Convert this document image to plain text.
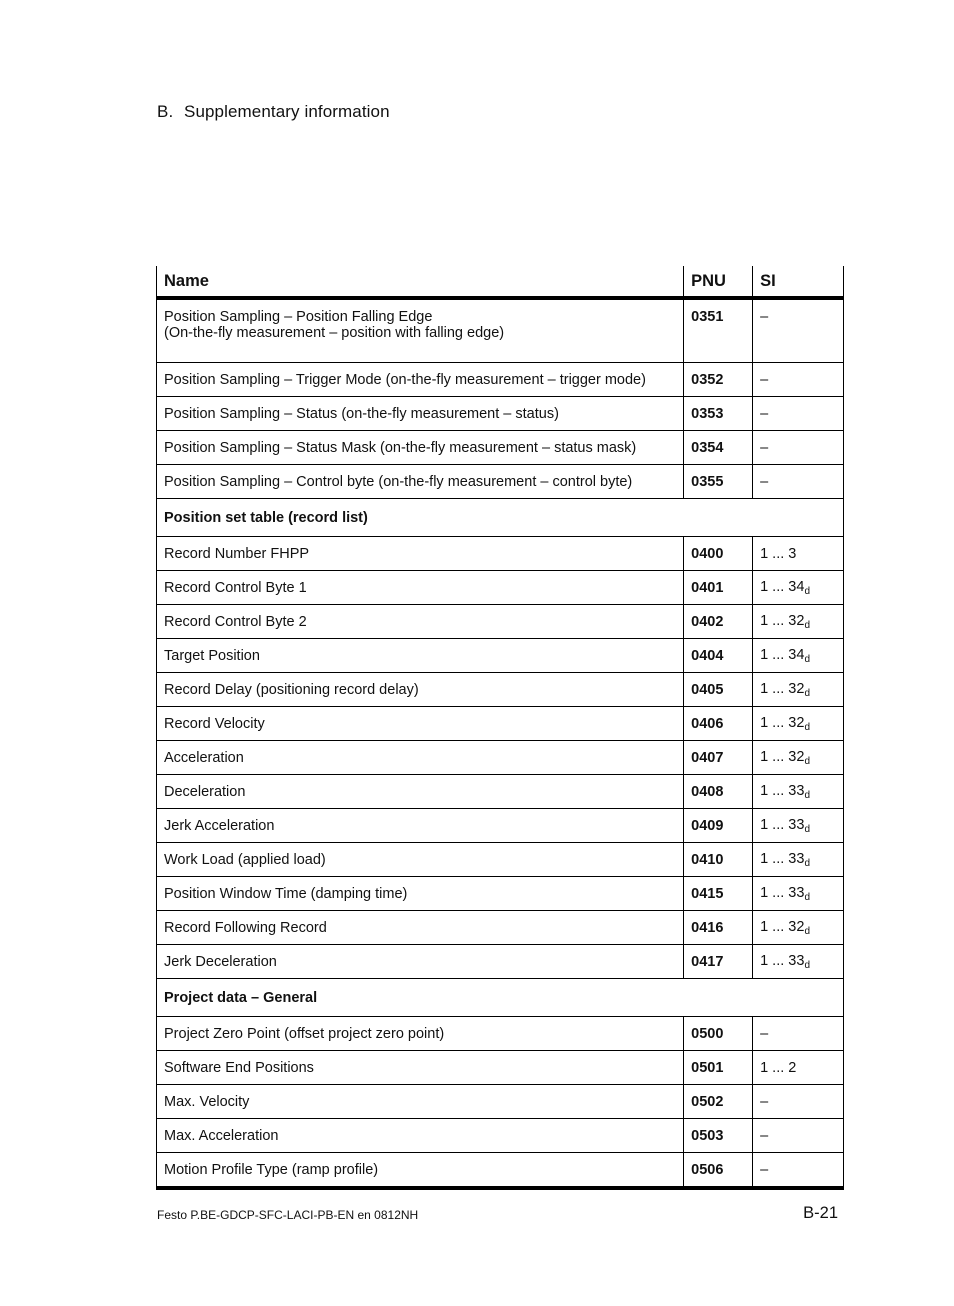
B. Supplementary information
Name	PNU	SI
Position Sampling – Position Falling Edge
(On-the-fly measurement – position with falling edge)	0351	–
Position Sampling – Trigger Mode (on-the-fly measurement – trigger mode)	0352	–
Position Sampling – Status (on-the-fly measurement – status)	0353	–
Position Sampling – Status Mask (on-the-fly measurement – status mask)	0354	–
Position Sampling – Control byte (on-the-fly measurement – control byte)	0355	–
Position set table (record list)		
Record Number FHPP	0400	1 ... 3
Record Control Byte 1	0401	1 ... $34_d$
Record Control Byte 2	0402	1 ... $32_d$
Target Position	0404	1 ... $34_d$
Record Delay (positioning record delay)	0405	1 ... $32_d$
Record Velocity	0406	1 ... $32_d$
Acceleration	0407	1 ... $32_d$
Deceleration	0408	1 ... $33_d$
Jerk Acceleration	0409	1 ... $33_d$
Work Load (applied load)	0410	1 ... $33_d$
Position Window Time (damping time)	0415	1 ... $33_d$
Record Following Record	0416	1 ... $32_d$
Jerk Deceleration	0417	1 ... $33_d$
Project data – General		
Project Zero Point (offset project zero point)	0500	–
Software End Positions	0501	1 ... 2
Max. Velocity	0502	–
Max. Acceleration	0503	–
Motion Profile Type (ramp profile)	0506	–
Festo P.BE-GDCP-SFC-LACI-PB-EN en 0812NH	B-21
